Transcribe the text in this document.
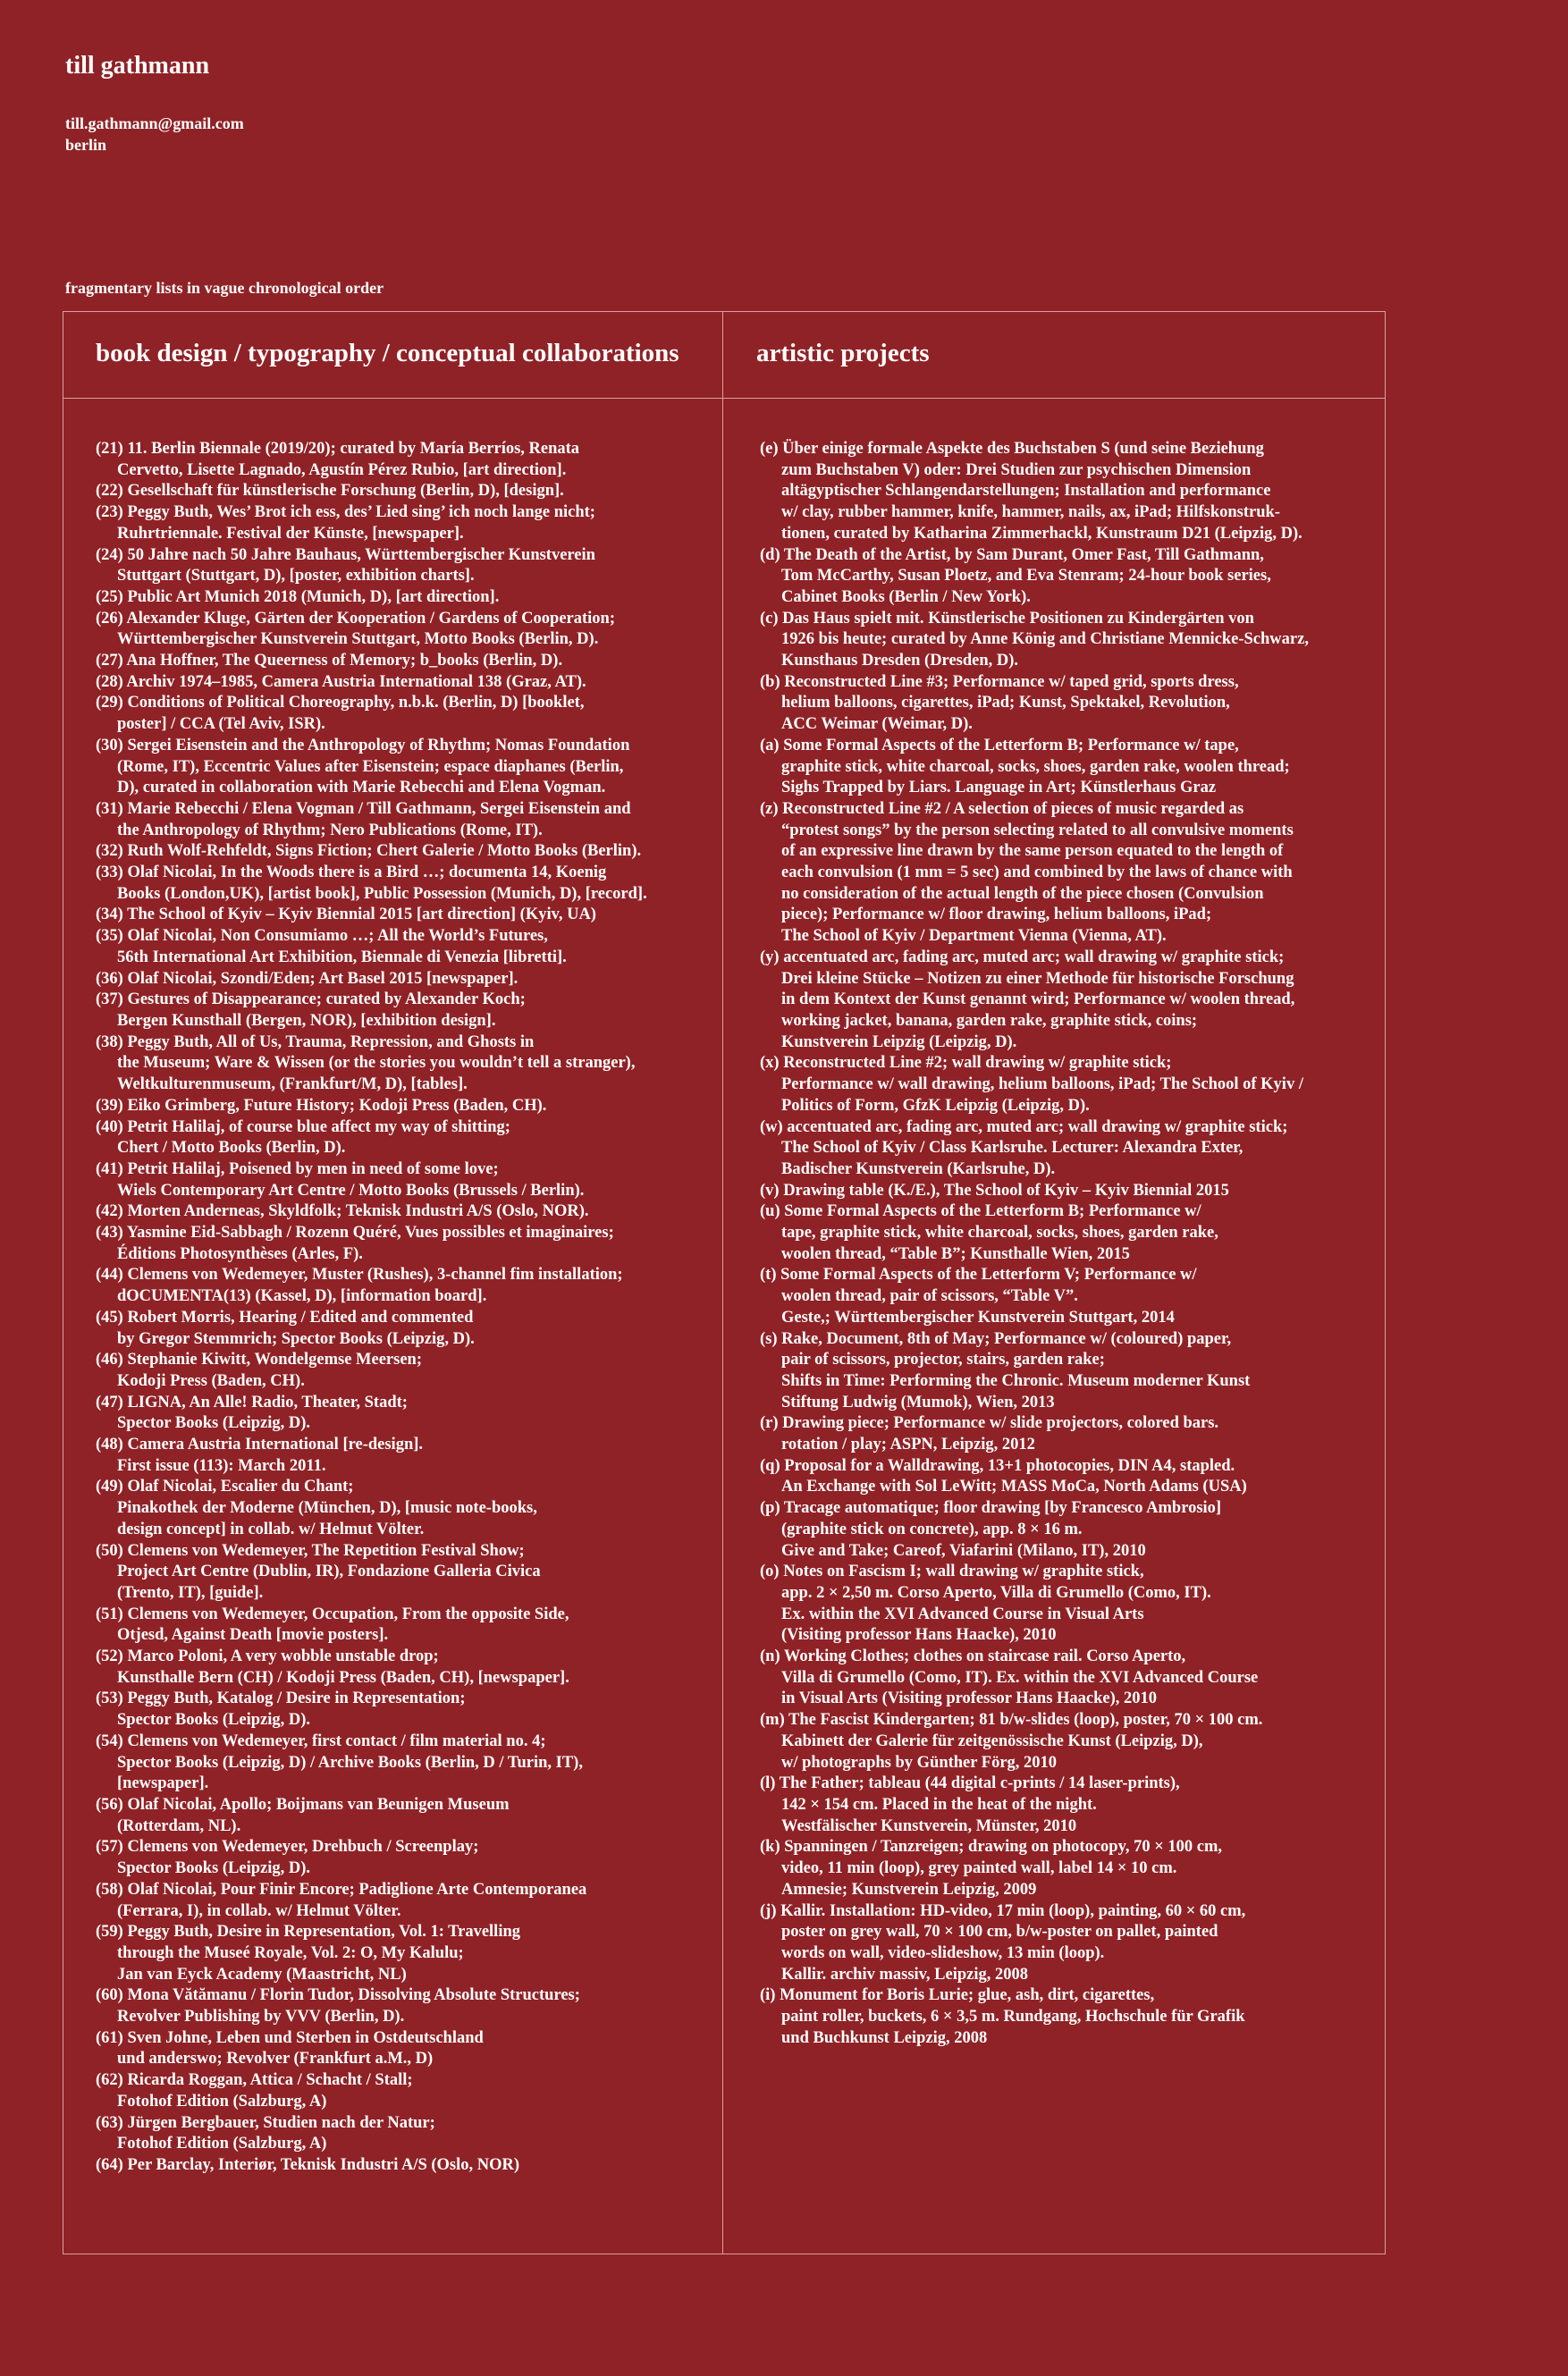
till gathmann
till.gathmann@gmail.com
berlin
fragmentary lists in vague chronological order
book design / typography / conceptual collaborations	artistic projects
(21) 11. Berlin Biennale (2019/20); curated by María Berríos, Renata
Cervetto, Lisette Lagnado, Agustín Pérez Rubio, [art direction].
(22) Gesellschaft für künstlerische Forschung (Berlin, D), [design].
(23) Peggy Buth, Wes’ Brot ich ess, des’ Lied sing’ ich noch lange nicht;
Ruhrtriennale. Festival der Künste, [newspaper].
(24) 50 Jahre nach 50 Jahre Bauhaus, Württembergischer Kunstverein
Stuttgart (Stuttgart, D), [poster, exhibition charts].
(25) Public Art Munich 2018 (Munich, D), [art direction].
(26) Alexander Kluge, Gärten der Kooperation / Gardens of Cooperation;
Württembergischer Kunstverein Stuttgart, Motto Books (Berlin, D).
(27) Ana Hoffner, The Queerness of Memory; b_books (Berlin, D).
(28) Archiv 1974–1985, Camera Austria International 138 (Graz, AT).
(29) Conditions of Political Choreography, n.b.k. (Berlin, D) [booklet,
poster] / CCA (Tel Aviv, ISR).
(30) Sergei Eisenstein and the Anthropology of Rhythm; Nomas Foundation
(Rome, IT), Eccentric Values after Eisenstein; espace diaphanes (Berlin,
D), curated in collaboration with Marie Rebecchi and Elena Vogman.
(31) Marie Rebecchi / Elena Vogman / Till Gathmann, Sergei Eisenstein and
the Anthropology of Rhythm; Nero Publications (Rome, IT).
(32) Ruth Wolf-Rehfeldt, Signs Fiction; Chert Galerie / Motto Books (Berlin).
(33) Olaf Nicolai, In the Woods there is a Bird …; documenta 14, Koenig
Books (London,UK), [artist book], Public Possession (Munich, D), [record].
(34) The School of Kyiv – Kyiv Biennial 2015 [art direction] (Kyiv, UA)
(35) Olaf Nicolai, Non Consumiamo …; All the World’s Futures,
56th International Art Exhibition, Biennale di Venezia [libretti].
(36) Olaf Nicolai, Szondi/Eden; Art Basel 2015 [newspaper].
(37) Gestures of Disappearance; curated by Alexander Koch;
Bergen Kunsthall (Bergen, NOR), [exhibition design].
(38) Peggy Buth, All of Us, Trauma, Repression, and Ghosts in
the Museum; Ware & Wissen (or the stories you wouldn’t tell a stranger),
Weltkulturenmuseum, (Frankfurt/M, D), [tables].
(39) Eiko Grimberg, Future History; Kodoji Press (Baden, CH).
(40) Petrit Halilaj, of course blue affect my way of shitting;
Chert / Motto Books (Berlin, D).
(41) Petrit Halilaj, Poisened by men in need of some love;
Wiels Contemporary Art Centre / Motto Books (Brussels / Berlin).
(42) Morten Anderneas, Skyldfolk; Teknisk Industri A/S (Oslo, NOR).
(43) Yasmine Eid-Sabbagh / Rozenn Quéré, Vues possibles et imaginaires;
Éditions Photosynthèses (Arles, F).
(44) Clemens von Wedemeyer, Muster (Rushes), 3-channel fim installation;
dOCUMENTA(13) (Kassel, D), [information board].
(45) Robert Morris, Hearing / Edited and commented
by Gregor Stemmrich; Spector Books (Leipzig, D).
(46) Stephanie Kiwitt, Wondelgemse Meersen;
Kodoji Press (Baden, CH).
(47) LIGNA, An Alle! Radio, Theater, Stadt;
Spector Books (Leipzig, D).
(48) Camera Austria International [re-design].
First issue (113): March 2011.
(49) Olaf Nicolai, Escalier du Chant;
Pinakothek der Moderne (München, D), [music note-books,
design concept] in collab. w/ Helmut Völter.
(50) Clemens von Wedemeyer, The Repetition Festival Show;
Project Art Centre (Dublin, IR), Fondazione Galleria Civica
(Trento, IT), [guide].
(51) Clemens von Wedemeyer, Occupation, From the opposite Side,
Otjesd, Against Death [movie posters].
(52) Marco Poloni, A very wobble unstable drop;
Kunsthalle Bern (CH) / Kodoji Press (Baden, CH), [newspaper].
(53) Peggy Buth, Katalog / Desire in Representation;
Spector Books (Leipzig, D).
(54) Clemens von Wedemeyer, first contact / film material no. 4;
Spector Books (Leipzig, D) / Archive Books (Berlin, D / Turin, IT),
[newspaper].
(56) Olaf Nicolai, Apollo; Boijmans van Beunigen Museum
(Rotterdam, NL).
(57) Clemens von Wedemeyer, Drehbuch / Screenplay;
Spector Books (Leipzig, D).
(58) Olaf Nicolai, Pour Finir Encore; Padiglione Arte Contemporanea
(Ferrara, I), in collab. w/ Helmut Völter.
(59) Peggy Buth, Desire in Representation, Vol. 1: Travelling
through the Museé Royale, Vol. 2: O, My Kalulu;
Jan van Eyck Academy (Maastricht, NL)
(60) Mona Vătămanu / Florin Tudor, Dissolving Absolute Structures;
Revolver Publishing by VVV (Berlin, D).
(61) Sven Johne, Leben und Sterben in Ostdeutschland
und anderswo; Revolver (Frankfurt a.M., D)
(62) Ricarda Roggan, Attica / Schacht / Stall;
Fotohof Edition (Salzburg, A)
(63) Jürgen Bergbauer, Studien nach der Natur;
Fotohof Edition (Salzburg, A)
(64) Per Barclay, Interiør, Teknisk Industri A/S (Oslo, NOR)
(e) Über einige formale Aspekte des Buchstaben S (und seine Beziehung
zum Buchstaben V) oder: Drei Studien zur psychischen Dimension
altägyptischer Schlangendarstellungen; Installation and performance
w/ clay, rubber hammer, knife, hammer, nails, ax, iPad; Hilfskonstruk-
tionen, curated by Katharina Zimmerhackl, Kunstraum D21 (Leipzig, D).
(d) The Death of the Artist, by Sam Durant, Omer Fast, Till Gathmann,
Tom McCarthy, Susan Ploetz, and Eva Stenram; 24-hour book series,
Cabinet Books (Berlin / New York).
(c) Das Haus spielt mit. Künstlerische Positionen zu Kindergärten von
1926 bis heute; curated by Anne König and Christiane Mennicke-Schwarz,
Kunsthaus Dresden (Dresden, D).
(b) Reconstructed Line #3; Performance w/ taped grid, sports dress,
helium balloons, cigarettes, iPad; Kunst, Spektakel, Revolution,
ACC Weimar (Weimar, D).
(a) Some Formal Aspects of the Letterform B; Performance w/ tape,
graphite stick, white charcoal, socks, shoes, garden rake, woolen thread;
Sighs Trapped by Liars. Language in Art; Künstlerhaus Graz
(z) Reconstructed Line #2 / A selection of pieces of music regarded as
“protest songs” by the person selecting related to all convulsive moments
of an expressive line drawn by the same person equated to the length of
each convulsion (1 mm = 5 sec) and combined by the laws of chance with
no consideration of the actual length of the piece chosen (Convulsion
piece); Performance w/ floor drawing, helium balloons, iPad;
The School of Kyiv / Department Vienna (Vienna, AT).
(y) accentuated arc, fading arc, muted arc; wall drawing w/ graphite stick;
Drei kleine Stücke – Notizen zu einer Methode für historische Forschung
in dem Kontext der Kunst genannt wird; Performance w/ woolen thread,
working jacket, banana, garden rake, graphite stick, coins;
Kunstverein Leipzig (Leipzig, D).
(x) Reconstructed Line #2; wall drawing w/ graphite stick;
Performance w/ wall drawing, helium balloons, iPad; The School of Kyiv /
Politics of Form, GfzK Leipzig (Leipzig, D).
(w) accentuated arc, fading arc, muted arc; wall drawing w/ graphite stick;
The School of Kyiv / Class Karlsruhe. Lecturer: Alexandra Exter,
Badischer Kunstverein (Karlsruhe, D).
(v) Drawing table (K./E.), The School of Kyiv – Kyiv Biennial 2015
(u) Some Formal Aspects of the Letterform B; Performance w/
tape, graphite stick, white charcoal, socks, shoes, garden rake,
woolen thread, “Table B”; Kunsthalle Wien, 2015
(t) Some Formal Aspects of the Letterform V; Performance w/
woolen thread, pair of scissors, “Table V”.
Geste,; Württembergischer Kunstverein Stuttgart, 2014
(s) Rake, Document, 8th of May; Performance w/ (coloured) paper,
pair of scissors, projector, stairs, garden rake;
Shifts in Time: Performing the Chronic. Museum moderner Kunst
Stiftung Ludwig (Mumok), Wien, 2013
(r) Drawing piece; Performance w/ slide projectors, colored bars.
rotation / play; ASPN, Leipzig, 2012
(q) Proposal for a Walldrawing, 13+1 photocopies, DIN A4, stapled.
An Exchange with Sol LeWitt; MASS MoCa, North Adams (USA)
(p) Tracage automatique; floor drawing [by Francesco Ambrosio]
(graphite stick on concrete), app. 8 × 16 m.
Give and Take; Careof, Viafarini (Milano, IT), 2010
(o) Notes on Fascism I; wall drawing w/ graphite stick,
app. 2 × 2,50 m. Corso Aperto, Villa di Grumello (Como, IT).
Ex. within the XVI Advanced Course in Visual Arts
(Visiting professor Hans Haacke), 2010
(n) Working Clothes; clothes on staircase rail. Corso Aperto,
Villa di Grumello (Como, IT). Ex. within the XVI Advanced Course
in Visual Arts (Visiting professor Hans Haacke), 2010
(m) The Fascist Kindergarten; 81 b/w-slides (loop), poster, 70 × 100 cm.
Kabinett der Galerie für zeitgenössische Kunst (Leipzig, D),
w/ photographs by Günther Förg, 2010
(l) The Father; tableau (44 digital c-prints / 14 laser-prints),
142 × 154 cm. Placed in the heat of the night.
Westfälischer Kunstverein, Münster, 2010
(k) Spanningen / Tanzreigen; drawing on photocopy, 70 × 100 cm,
video, 11 min (loop), grey painted wall, label 14 × 10 cm.
Amnesie; Kunstverein Leipzig, 2009
(j) Kallir. Installation: HD-video, 17 min (loop), painting, 60 × 60 cm,
poster on grey wall, 70 × 100 cm, b/w-poster on pallet, painted
words on wall, video-slideshow, 13 min (loop).
Kallir. archiv massiv, Leipzig, 2008
(i) Monument for Boris Lurie; glue, ash, dirt, cigarettes,
paint roller, buckets, 6 × 3,5 m. Rundgang, Hochschule für Grafik
und Buchkunst Leipzig, 2008
